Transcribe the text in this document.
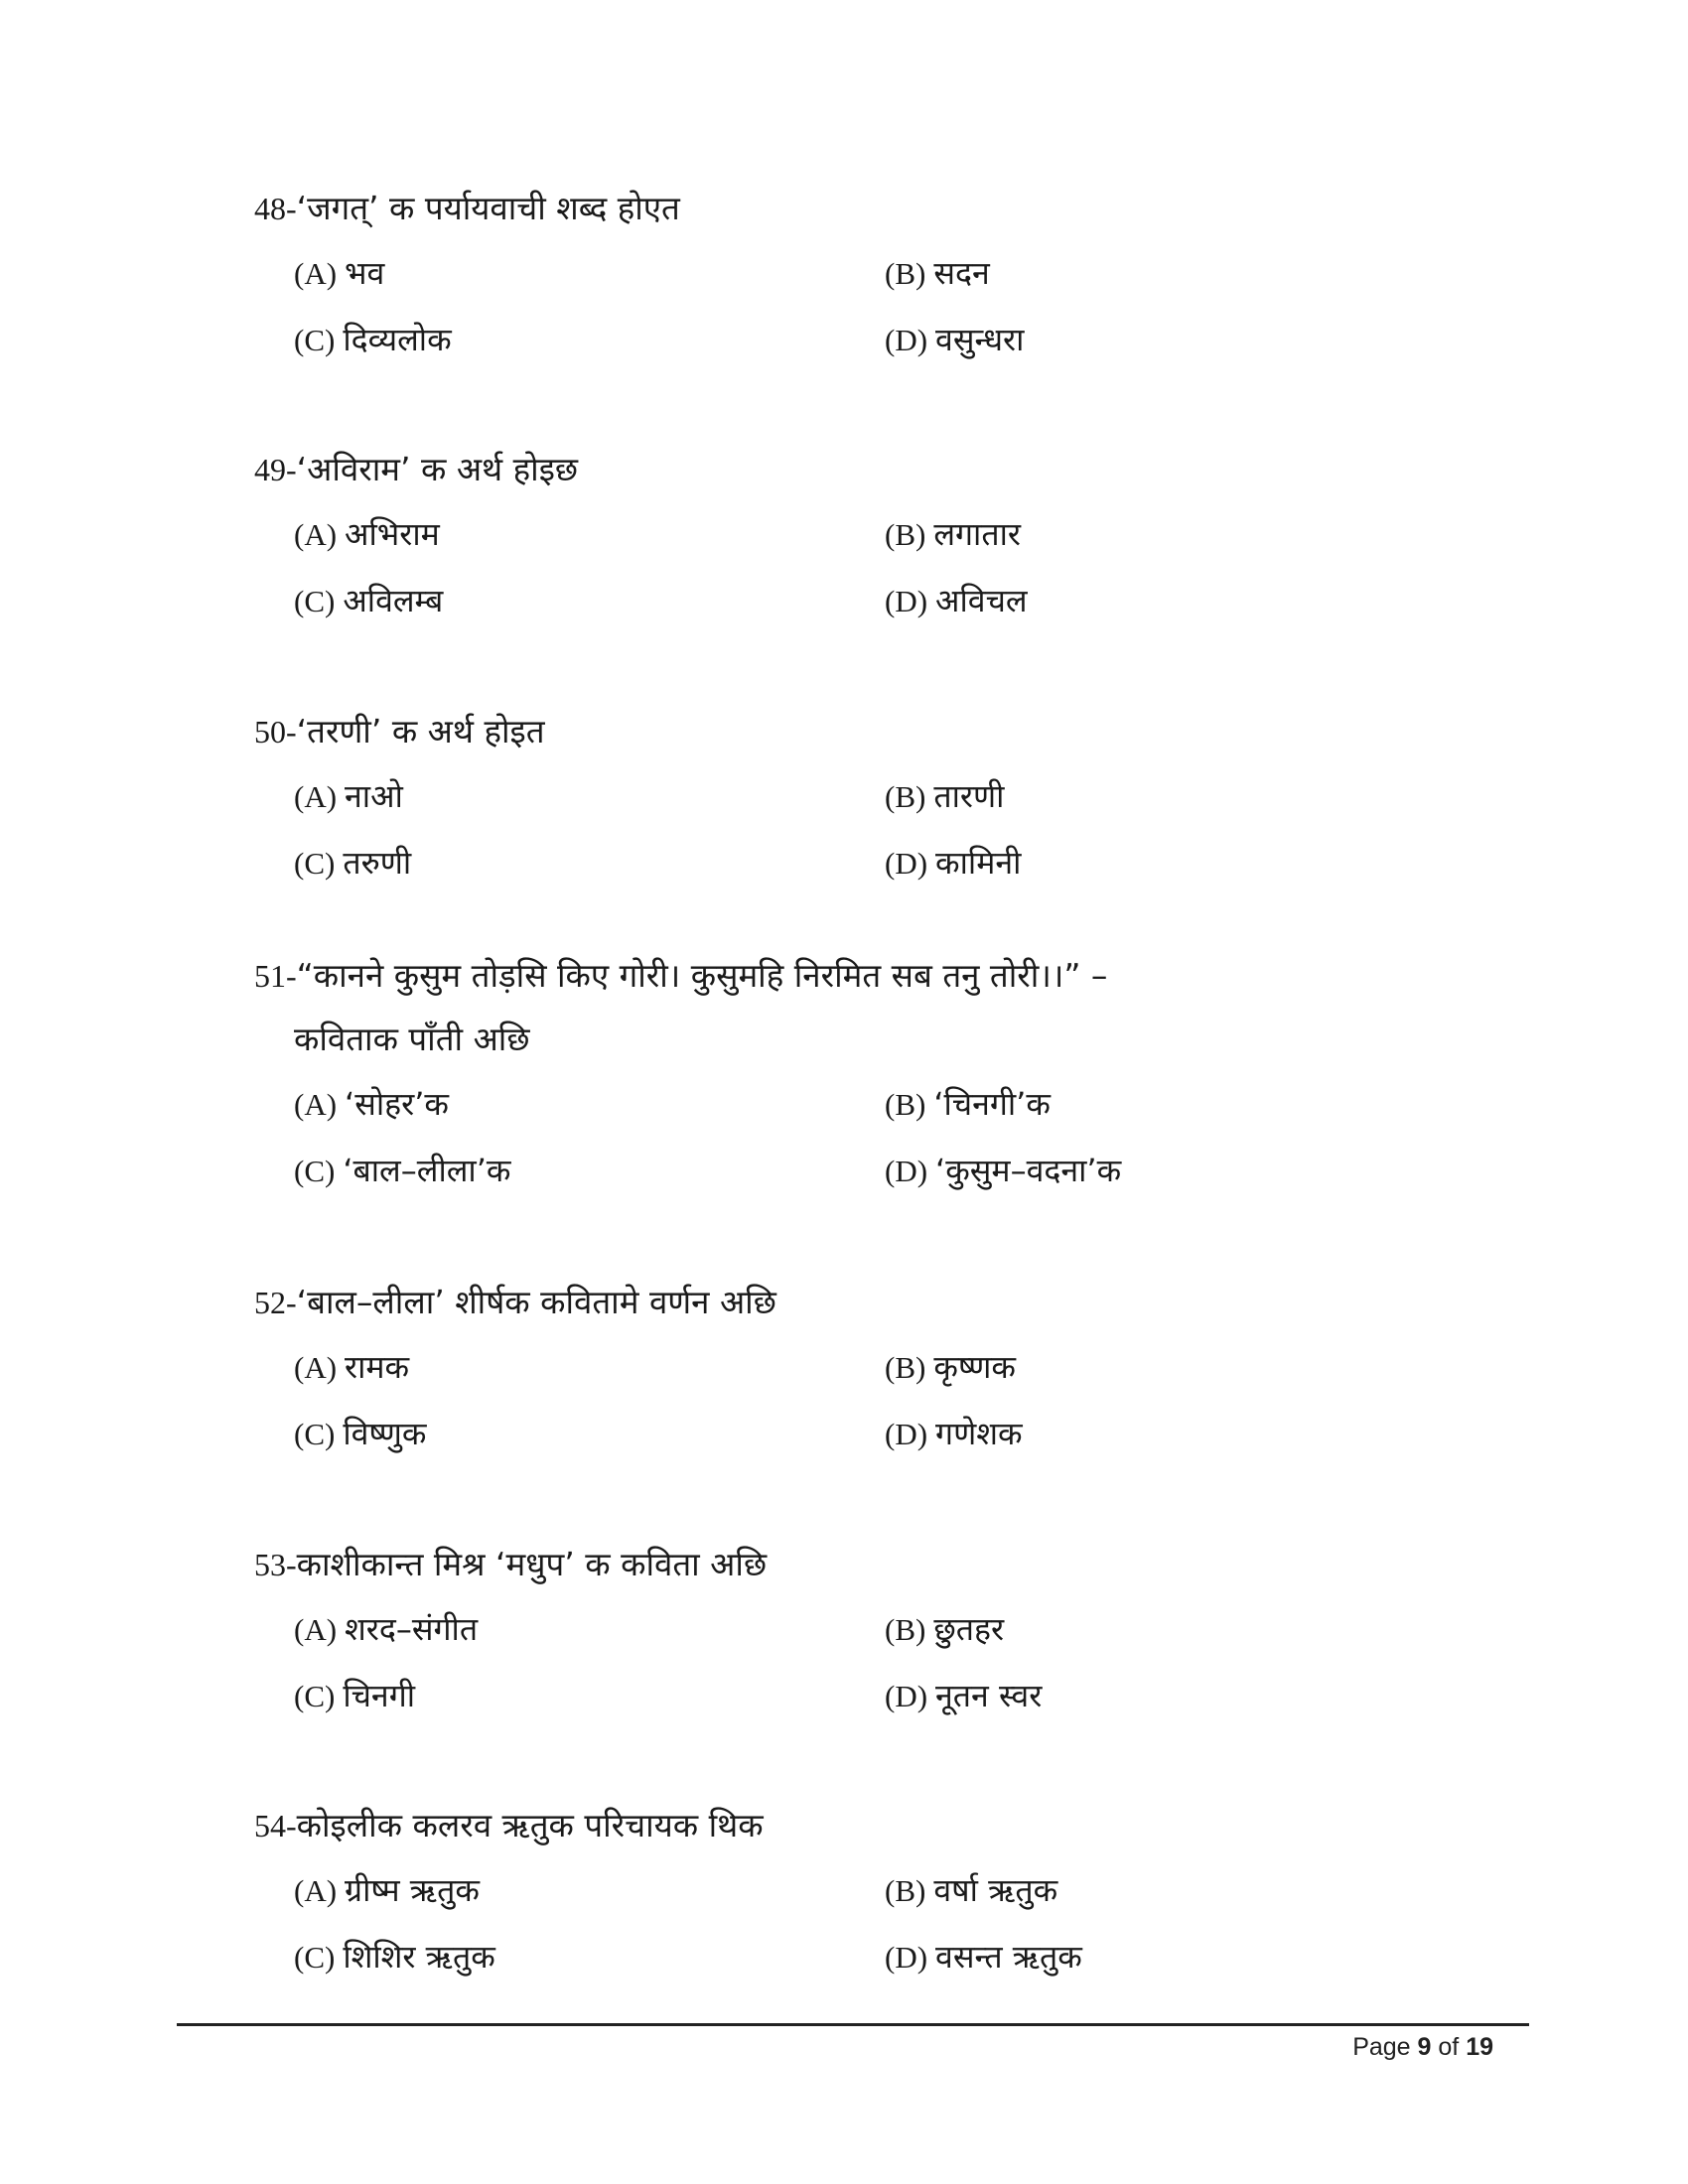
48-‘जगत्’ क पर्यायवाची शब्द होएत
(A) भव	(B) सदन
(C) दिव्यलोक	(D) वसुन्धरा
49-‘अविराम’ क अर्थ होइछ
(A) अभिराम	(B) लगातार
(C) अविलम्ब	(D) अविचल
50-‘तरणी’ क अर्थ होइत
(A) नाओ	(B) तारणी
(C) तरुणी	(D) कामिनी
51-“कानने कुसुम तोड़सि किए गोरी। कुसुमहि निरमित सब तनु तोरी।।” –
कविताक पाँती अछि
(A) ‘सोहर’क	(B) ‘चिनगी’क
(C) ‘बाल–लीला’क	(D) ‘कुसुम–वदना’क
52-‘बाल–लीला’ शीर्षक कवितामे वर्णन अछि
(A) रामक	(B) कृष्णक
(C) विष्णुक	(D) गणेशक
53-काशीकान्त मिश्र ‘मधुप’ क कविता अछि
(A) शरद–संगीत	(B) छुतहर
(C) चिनगी	(D) नूतन स्वर
54-कोइलीक कलरव ऋतुक परिचायक थिक
(A) ग्रीष्म ऋतुक	(B) वर्षा ऋतुक
(C) शिशिर ऋतुक	(D) वसन्त ऋतुक
Page 9 of 19
